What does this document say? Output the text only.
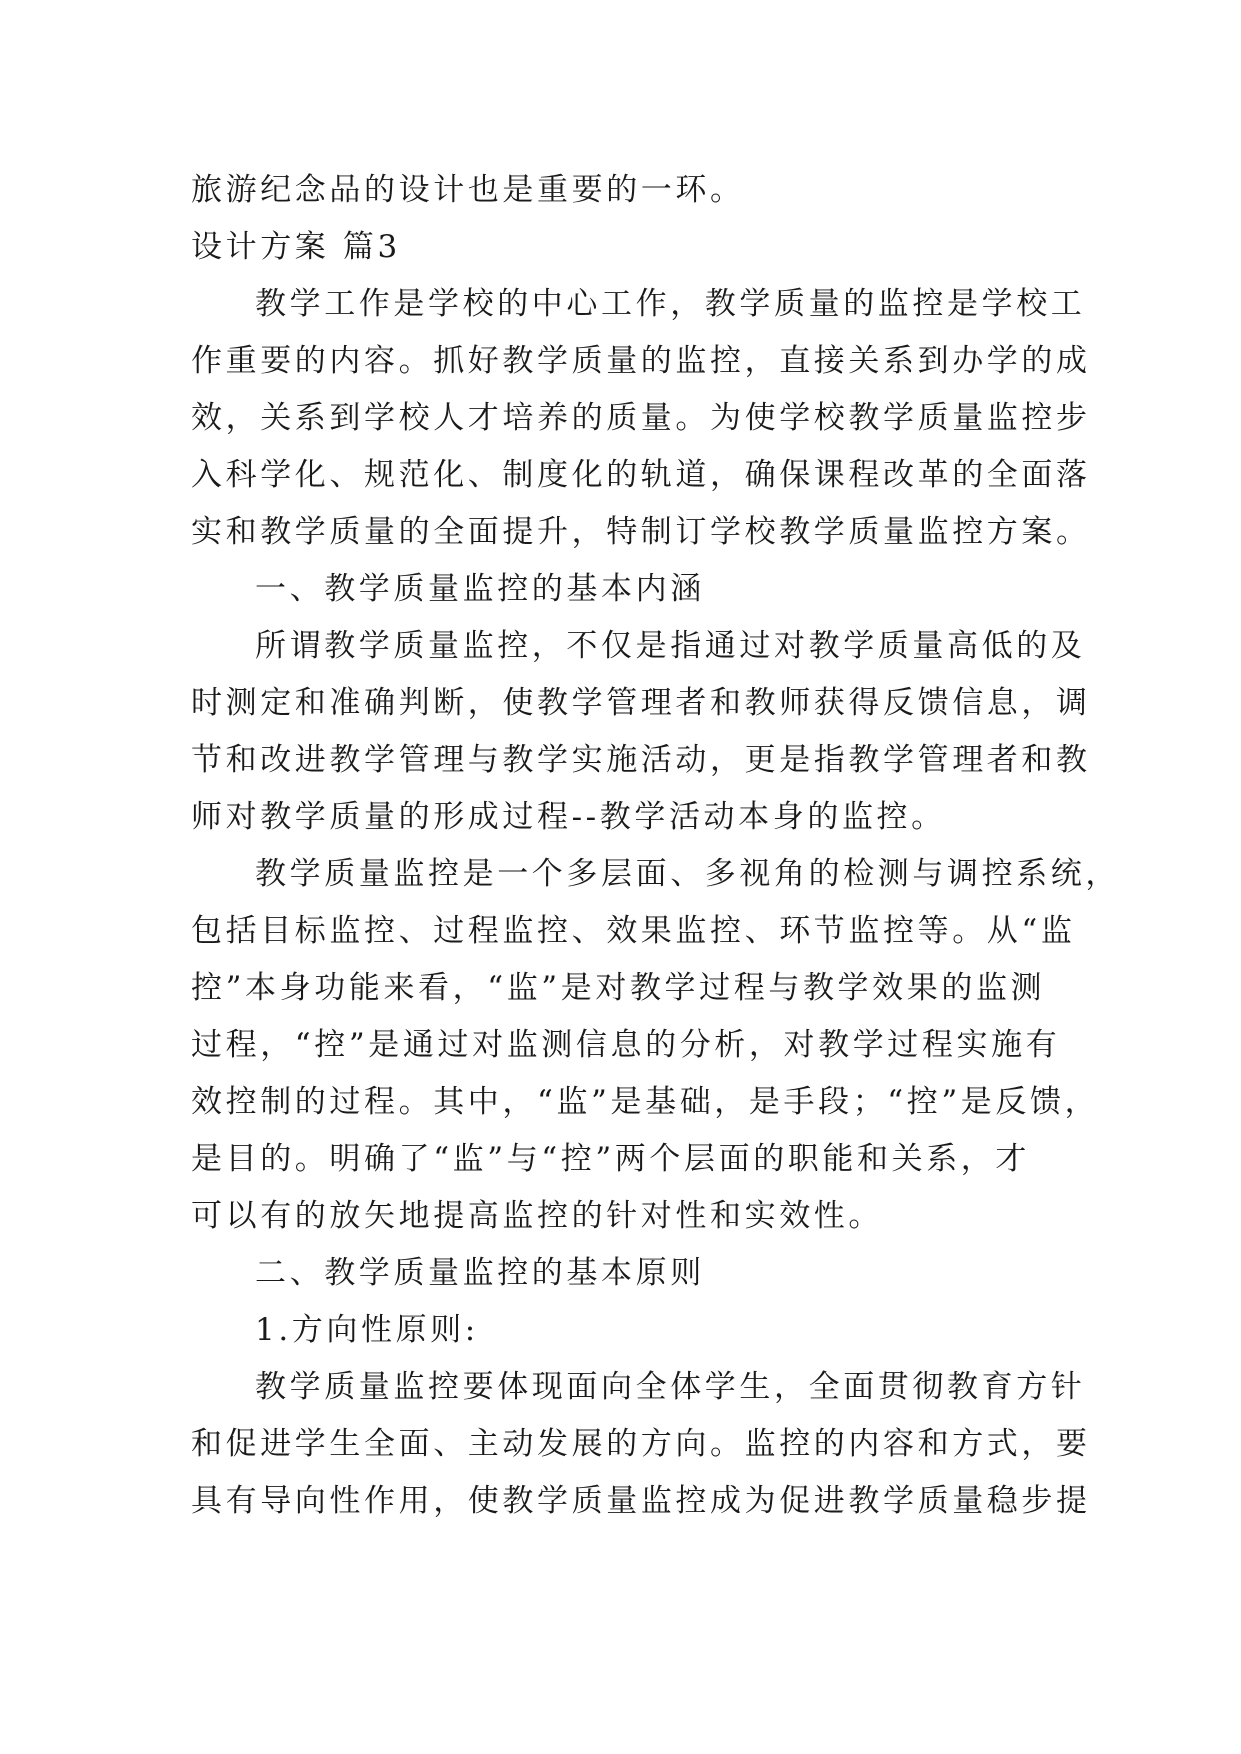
旅游纪念品的设计也是重要的一环。
设计方案 篇3
教学工作是学校的中心工作，教学质量的监控是学校工
作重要的内容。抓好教学质量的监控，直接关系到办学的成
效，关系到学校人才培养的质量。为使学校教学质量监控步
入科学化、规范化、制度化的轨道，确保课程改革的全面落
实和教学质量的全面提升，特制订学校教学质量监控方案。
一、教学质量监控的基本内涵
所谓教学质量监控，不仅是指通过对教学质量高低的及
时测定和准确判断，使教学管理者和教师获得反馈信息，调
节和改进教学管理与教学实施活动，更是指教学管理者和教
师对教学质量的形成过程--教学活动本身的监控。
教学质量监控是一个多层面、多视角的检测与调控系统，
包括目标监控、过程监控、效果监控、环节监控等。从“监
控”本身功能来看，“监”是对教学过程与教学效果的监测
过程，“控”是通过对监测信息的分析，对教学过程实施有
效控制的过程。其中，“监”是基础，是手段；“控”是反馈，
是目的。明确了“监”与“控”两个层面的职能和关系，才
可以有的放矢地提高监控的针对性和实效性。
二、教学质量监控的基本原则
1.方向性原则:
教学质量监控要体现面向全体学生，全面贯彻教育方针
和促进学生全面、主动发展的方向。监控的内容和方式，要
具有导向性作用，使教学质量监控成为促进教学质量稳步提
